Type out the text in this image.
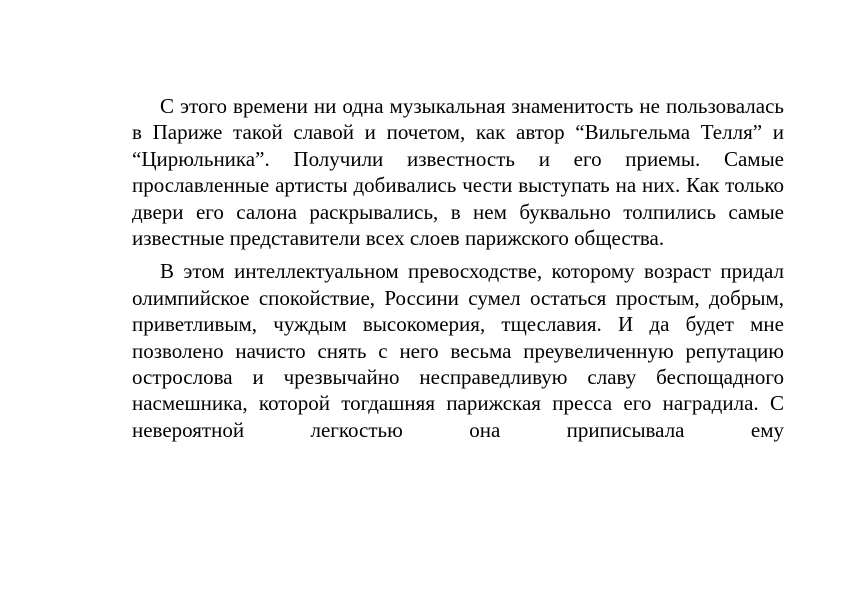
С этого времени ни одна музыкальная знаменитость не пользовалась в Париже такой славой и почетом, как автор “Вильгельма Телля” и “Цирюльника”. Получили известность и его приемы. Самые прославленные артисты добивались чести выступать на них. Как только двери его салона раскрывались, в нем буквально толпились самые известные представители всех слоев парижского общества.

В этом интеллектуальном превосходстве, которому возраст придал олимпийское спокойствие, Россини сумел остаться простым, добрым, приветливым, чуждым высокомерия, тщеславия. И да будет мне позволено начисто снять с него весьма преувеличенную репутацию острослова и чрезвычайно несправедливую славу беспощадного насмешника, которой тогдашняя парижская пресса его наградила. С невероятной легкостью она приписывала ему
